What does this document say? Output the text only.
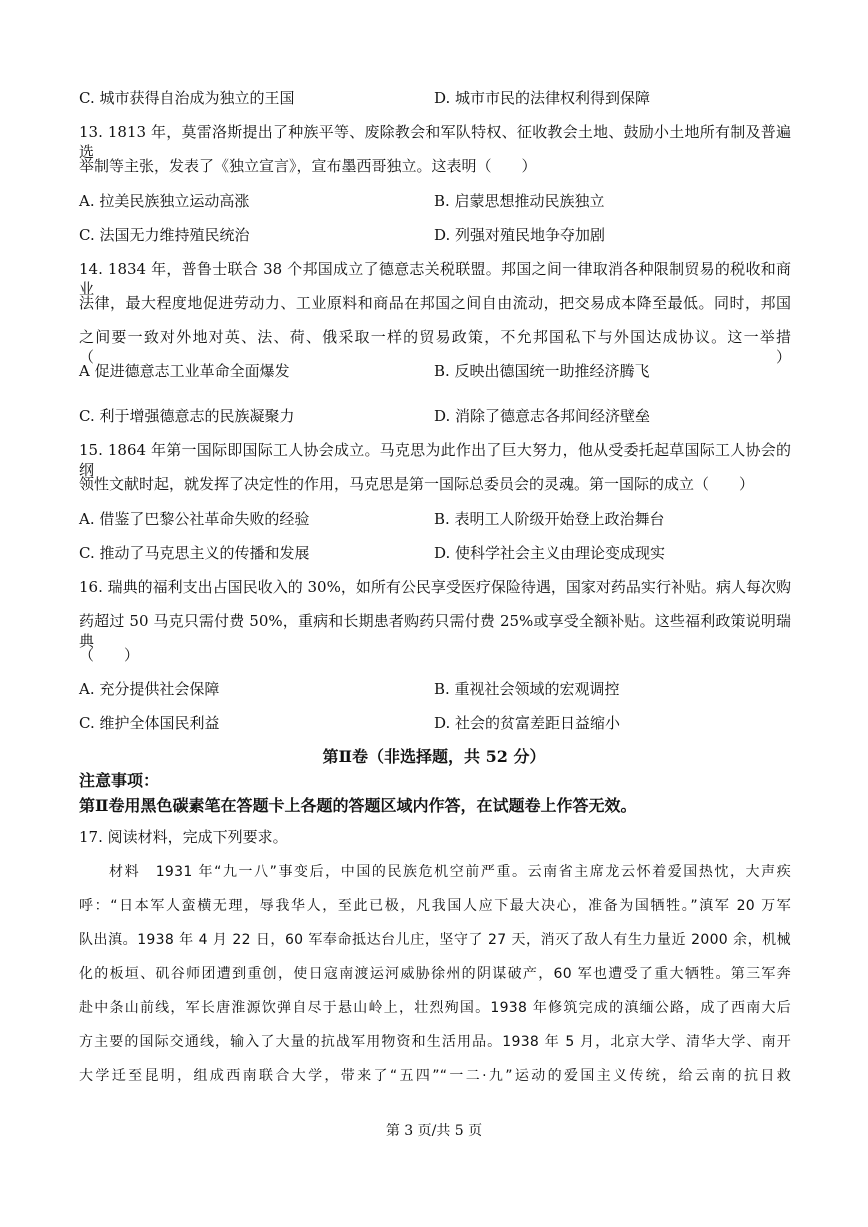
C. 城市获得自治成为独立的王国	D. 城市市民的法律权利得到保障
13. 1813 年，莫雷洛斯提出了种族平等、废除教会和军队特权、征收教会土地、鼓励小土地所有制及普遍选
举制等主张，发表了《独立宣言》，宣布墨西哥独立。这表明（　　）
A. 拉美民族独立运动高涨	B. 启蒙思想推动民族独立
C. 法国无力维持殖民统治	D. 列强对殖民地争夺加剧
14. 1834 年，普鲁士联合 38 个邦国成立了德意志关税联盟。邦国之间一律取消各种限制贸易的税收和商业
法律，最大程度地促进劳动力、工业原料和商品在邦国之间自由流动，把交易成本降至最低。同时，邦国
之间要一致对外地对英、法、荷、俄采取一样的贸易政策，不允邦国私下与外国达成协议。这一举措（　　）
A 促进德意志工业革命全面爆发	B. 反映出德国统一助推经济腾飞
C. 利于增强德意志的民族凝聚力	D. 消除了德意志各邦间经济壁垒
15. 1864 年第一国际即国际工人协会成立。马克思为此作出了巨大努力，他从受委托起草国际工人协会的纲
领性文献时起，就发挥了决定性的作用，马克思是第一国际总委员会的灵魂。第一国际的成立（　　）
A. 借鉴了巴黎公社革命失败的经验	B. 表明工人阶级开始登上政治舞台
C. 推动了马克思主义的传播和发展	D. 使科学社会主义由理论变成现实
16. 瑞典的福利支出占国民收入的 30%，如所有公民享受医疗保险待遇，国家对药品实行补贴。病人每次购
药超过 50 马克只需付费 50%，重病和长期患者购药只需付费 25%或享受全额补贴。这些福利政策说明瑞典
（　　）
A. 充分提供社会保障	B. 重视社会领域的宏观调控
C. 维护全体国民利益	D. 社会的贫富差距日益缩小
第Ⅱ卷（非选择题，共 52 分）
注意事项：
第Ⅱ卷用黑色碳素笔在答题卡上各题的答题区域内作答，在试题卷上作答无效。
17. 阅读材料，完成下列要求。
材料　1931 年“九一八”事变后，中国的民族危机空前严重。云南省主席龙云怀着爱国热忱，大声疾
呼：“日本军人蛮横无理，辱我华人，至此已极，凡我国人应下最大决心，准备为国牺牲。”滇军 20 万军
队出滇。1938 年 4 月 22 日，60 军奉命抵达台儿庄，坚守了 27 天，消灭了敌人有生力量近 2000 余，机械
化的板垣、矶谷师团遭到重创，使日寇南渡运河威胁徐州的阴谋破产，60 军也遭受了重大牺牲。第三军奔
赴中条山前线，军长唐淮源饮弹自尽于悬山岭上，壮烈殉国。1938 年修筑完成的滇缅公路，成了西南大后
方主要的国际交通线，输入了大量的抗战军用物资和生活用品。1938 年 5 月，北京大学、清华大学、南开
大学迁至昆明，组成西南联合大学，带来了“五四”“一二·九”运动的爱国主义传统，给云南的抗日救
第 3 页/共 5 页
